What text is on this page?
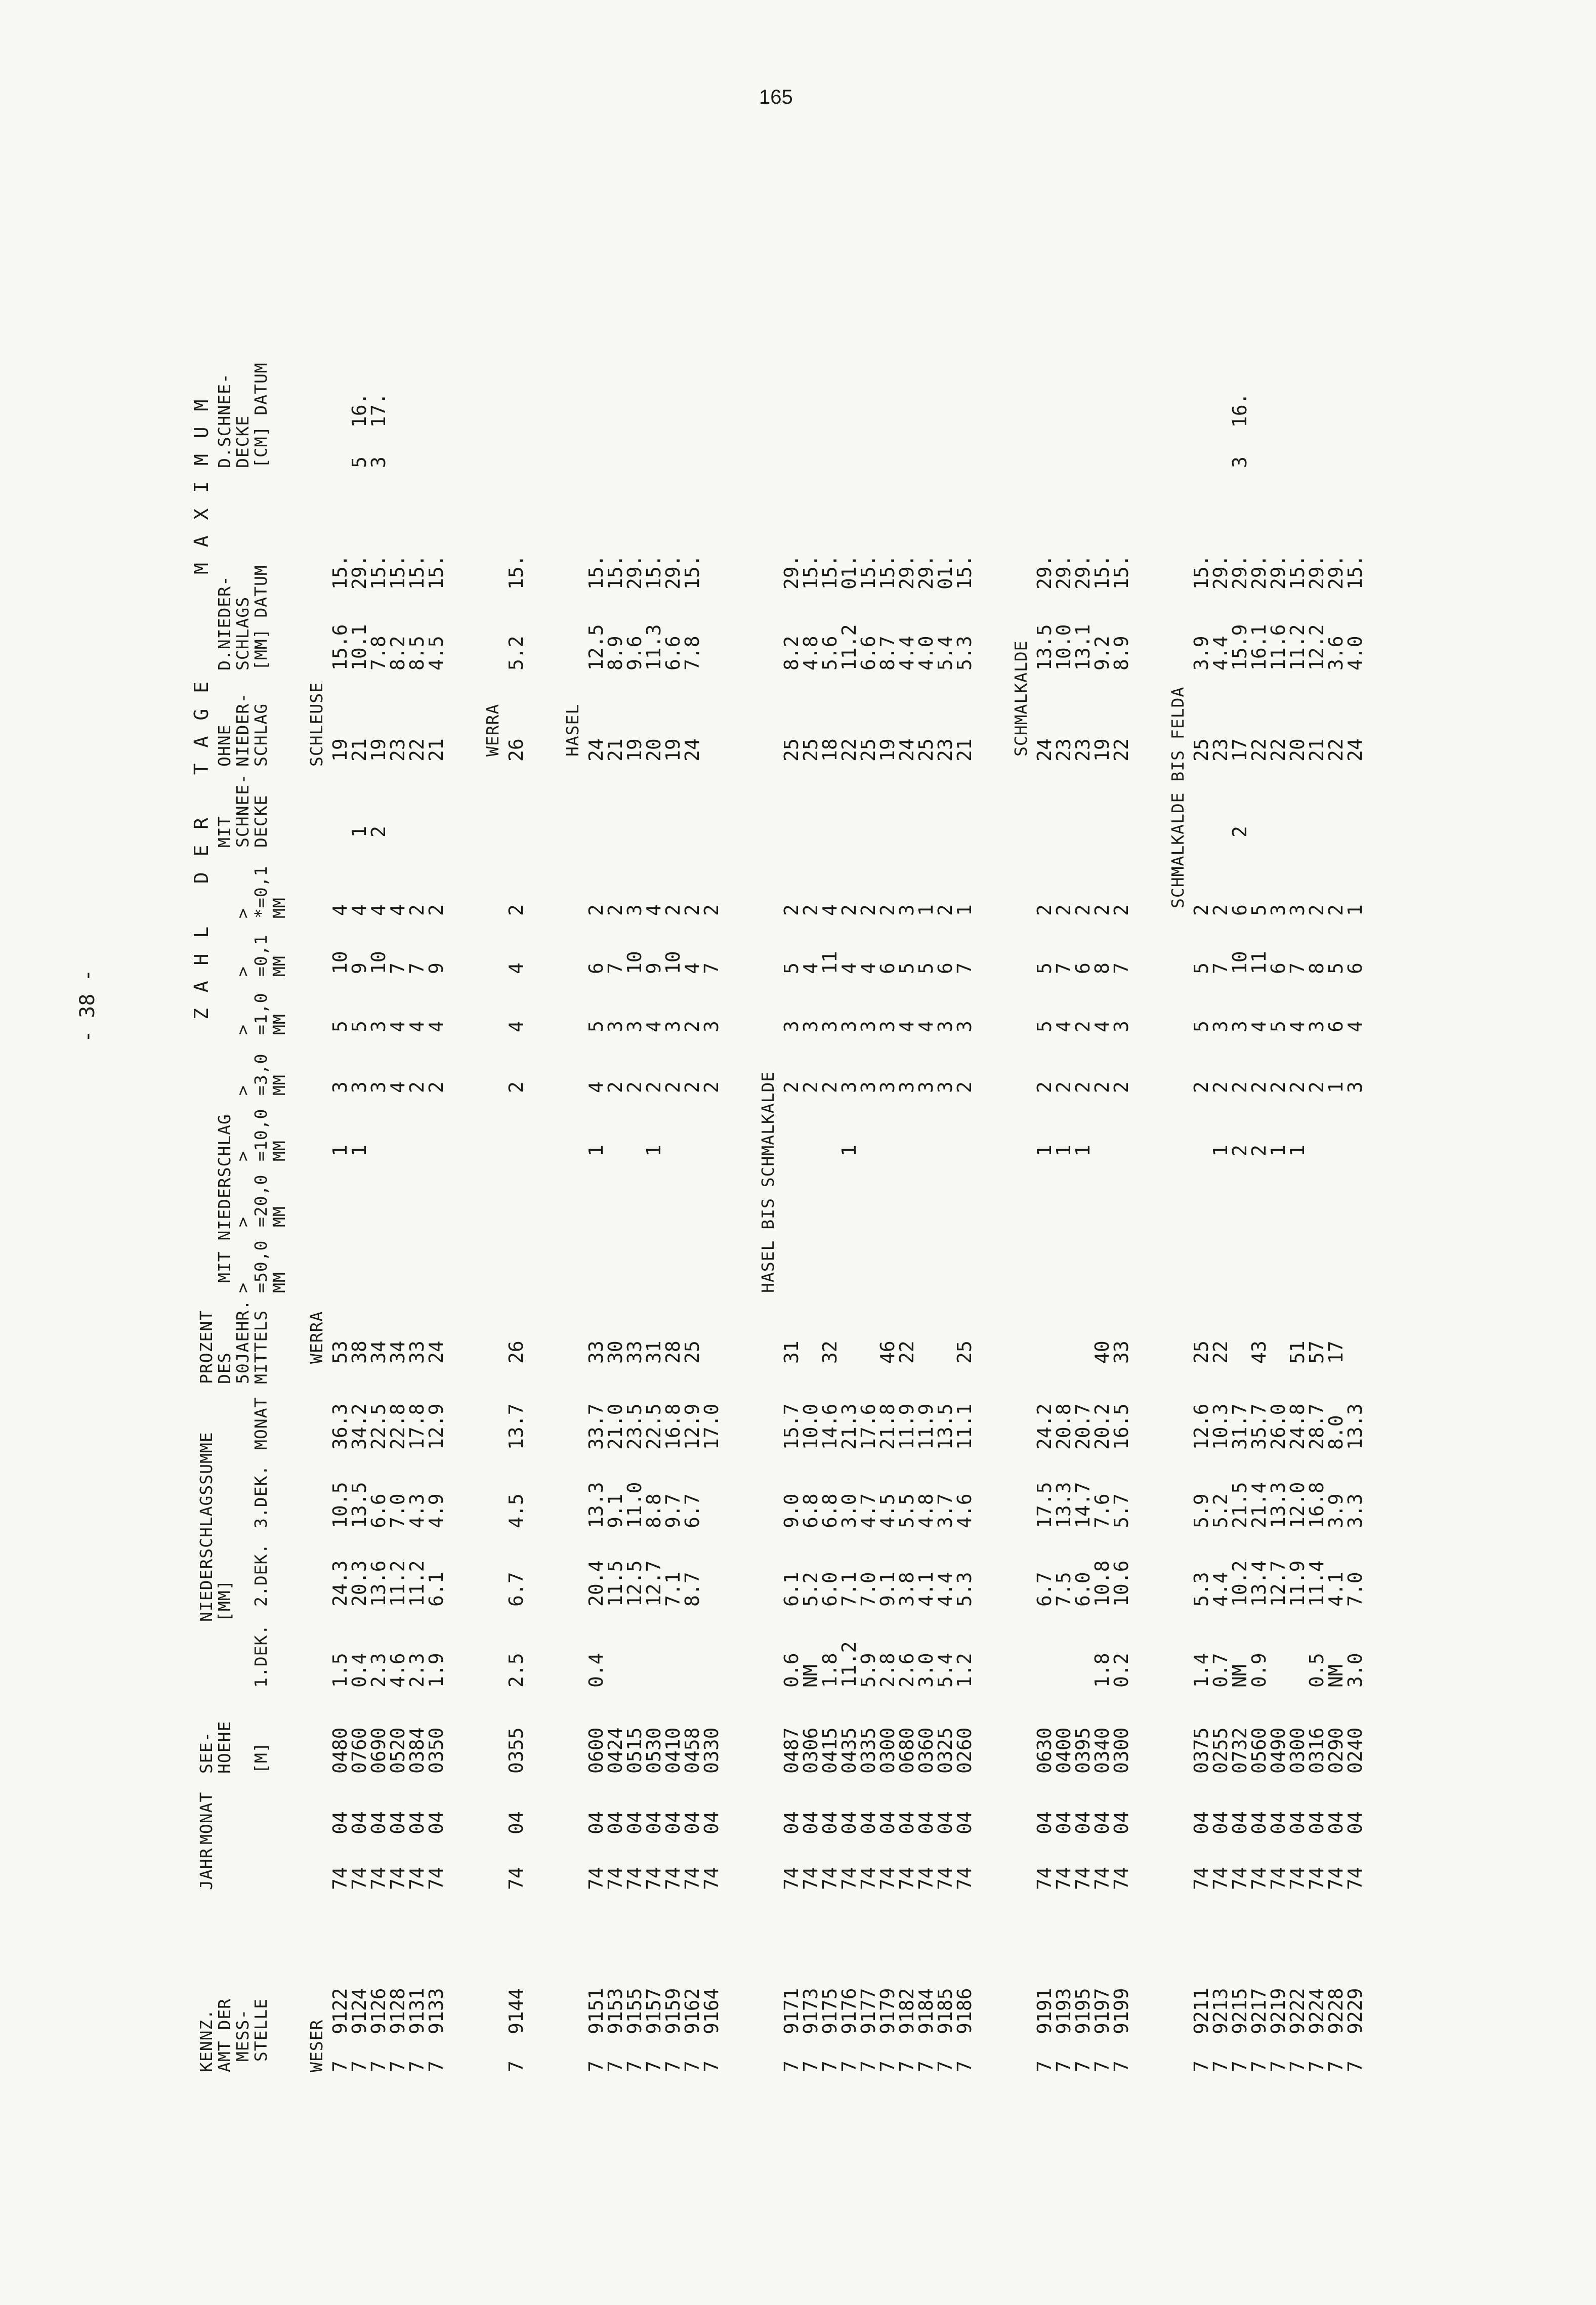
165
- 38 -
KENNZ.
AMT DER
MESS-
STELLE
JAHR
MONAT
SEE-
HOEHE

[M]
NIEDERSCHLAGSSUMME
[MM]
1.DEK.
2.DEK.
3.DEK.
MONAT
PROZENT
DES
50JAEHR.
MITTELS
Z A H L   D E R   T A G E
MIT NIEDERSCHLAG
>
=50,0
MM
>
=20,0
MM
>
=10,0
MM
>
=3,0
MM
>
=1,0
MM
>
=0,1
MM
>
*=0,1
MM
MIT
SCHNEE-
DECKE
OHNE
NIEDER-
SCHLAG
M A X I M U M
D.NIEDER-
SCHLAGS
[MM] DATUM
D.SCHNEE-
DECKE
[CM] DATUM
WESER
SCHLEUSE
WERRA
7
9122
74
04
0480
1.5
24.3
10.5
36.3
53
1
3
5
10
4
19
15.6
15.
7
9124
74
04
0760
0.4
20.3
13.5
34.2
38
1
3
5
9
4
1
21
10.1
29.
5
16.
7
9126
74
04
0690
2.3
13.6
6.6
22.5
34
3
3
10
4
2
19
7.8
15.
3
17.
7
9128
74
04
0520
4.6
11.2
7.0
22.8
34
4
4
7
4
23
8.2
15.
7
9131
74
04
0384
2.3
11.2
4.3
17.8
33
2
4
7
2
22
8.5
15.
7
9133
74
04
0350
1.9
6.1
4.9
12.9
24
2
4
9
2
21
4.5
15.
WERRA
7
9144
74
04
0355
2.5
6.7
4.5
13.7
26
2
4
4
2
26
5.2
15.
HASEL
7
9151
74
04
0600
0.4
20.4
13.3
33.7
33
1
4
5
6
2
24
12.5
15.
7
9153
74
04
0424
11.5
9.1
21.0
30
2
3
7
2
21
8.9
15.
7
9155
74
04
0515
12.5
11.0
23.5
33
2
3
10
3
19
9.6
29.
7
9157
74
04
0530
12.7
8.8
22.5
31
1
2
4
9
4
20
11.3
15.
7
9159
74
04
0410
7.1
9.7
16.8
28
2
3
10
2
19
6.6
29.
7
9162
74
04
0458
8.7
6.7
12.9
25
2
2
4
2
24
7.8
15.
7
9164
74
04
0330
17.0
2
3
7
2
HASEL BIS SCHMALKALDE
7
9171
74
04
0487
0.6
6.1
9.0
15.7
31
2
3
5
2
25
8.2
29.
7
9173
74
04
0306
NM
5.2
6.8
10.0
2
3
4
2
25
4.8
15.
7
9175
74
04
0415
1.8
6.0
6.8
14.6
32
2
3
11
4
18
5.6
15.
7
9176
74
04
0435
11.2
7.1
3.0
21.3
1
3
3
4
2
22
11.2
01.
7
9177
74
04
0335
5.9
7.0
4.7
17.6
3
3
4
2
25
6.6
15.
7
9179
74
04
0300
2.8
9.1
4.5
21.8
46
3
3
6
2
19
8.7
15.
7
9182
74
04
0680
2.6
3.8
5.5
11.9
22
3
4
5
3
24
4.4
29.
7
9184
74
04
0360
3.0
4.1
4.8
11.9
3
4
5
1
25
4.0
29.
7
9185
74
04
0325
5.4
4.4
3.7
13.5
3
3
6
2
23
5.4
01.
7
9186
74
04
0260
1.2
5.3
4.6
11.1
25
2
3
7
1
21
5.3
15.
SCHMALKALDE
7
9191
74
04
0630
6.7
17.5
24.2
1
2
5
5
2
24
13.5
29.
7
9193
74
04
0400
7.5
13.3
20.8
1
2
4
7
2
23
10.0
29.
7
9195
74
04
0395
6.0
14.7
20.7
1
2
2
6
2
23
13.1
29.
7
9197
74
04
0340
1.8
10.8
7.6
20.2
40
2
4
8
2
19
9.2
15.
7
9199
74
04
0300
0.2
10.6
5.7
16.5
33
2
3
7
2
22
8.9
15.
SCHMALKALDE BIS FELDA
7
9211
74
04
0375
1.4
5.3
5.9
12.6
25
2
5
5
2
25
3.9
15.
7
9213
74
04
0255
0.7
4.4
5.2
10.3
22
1
2
3
7
2
23
4.4
29.
7
9215
74
04
0732
NM
10.2
21.5
31.7
2
2
3
10
6
2
17
15.9
29.
3
16.
7
9217
74
04
0560
0.9
13.4
21.4
35.7
43
2
2
4
11
5
22
16.1
29.
7
9219
74
04
0490
12.7
13.3
26.0
1
2
5
6
3
22
11.6
29.
7
9222
74
04
0300
11.9
12.0
24.8
51
1
2
4
7
3
20
11.2
15.
7
9224
74
04
0316
0.5
11.4
16.8
28.7
57
2
3
8
2
21
12.2
29.
7
9228
74
04
0290
NM
4.1
3.9
8.0
17
1
6
5
2
22
3.6
29.
7
9229
74
04
0240
3.0
7.0
3.3
13.3
3
4
6
1
24
4.0
15.
